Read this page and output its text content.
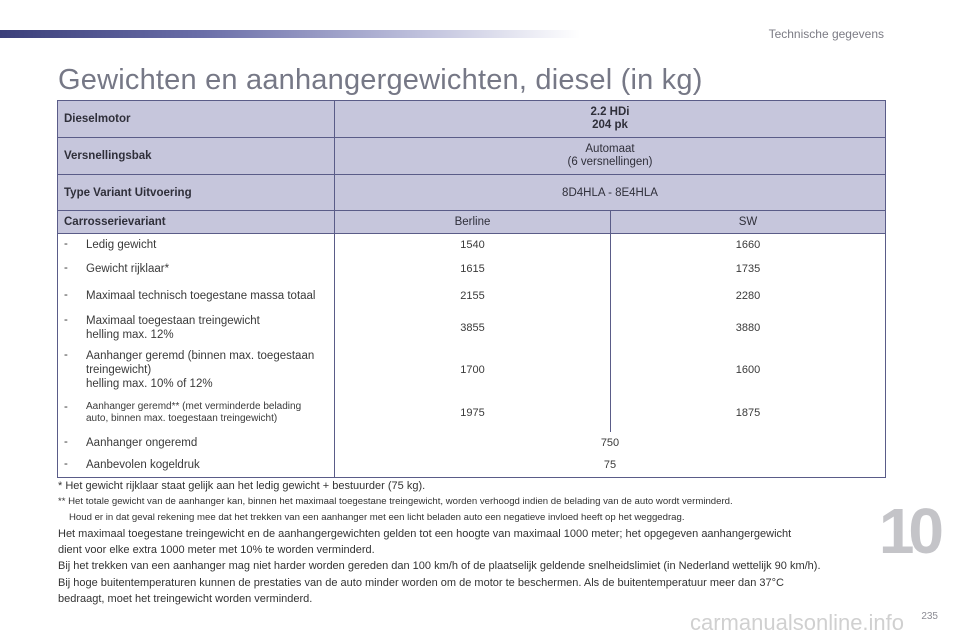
Technische gegevens
Gewichten en aanhangergewichten, diesel (in kg)
Dieselmotor	2.2 HDi
204 pk	
Versnellingsbak	Automaat
(6 versnellingen)	
Type Variant Uitvoering	8D4HLA - 8E4HLA	
Carrosserievariant	Berline	SW

- Ledig gewicht	1540	1660

- Gewicht rijklaar*	1615	1735

- Maximaal technisch toegestane massa totaal	2155	2280

- Maximaal toegestaan treingewicht
helling max. 12%	3855	3880

- Aanhanger geremd (binnen max. toegestaan
treingewicht)
helling max. 10% of 12%	1700	1600

- Aanhanger geremd** (met verminderde belading
auto, binnen max. toegestaan treingewicht)	1975	1875

- Aanhanger ongeremd	750	

- Aanbevolen kogeldruk	75	
* Het gewicht rijklaar staat gelijk aan het ledig gewicht + bestuurder (75 kg).
** Het totale gewicht van de aanhanger kan, binnen het maximaal toegestane treingewicht, worden verhoogd indien de belading van de auto wordt verminderd.
Houd er in dat geval rekening mee dat het trekken van een aanhanger met een licht beladen auto een negatieve invloed heeft op het weggedrag.
Het maximaal toegestane treingewicht en de aanhangergewichten gelden tot een hoogte van maximaal 1000 meter; het opgegeven aanhangergewicht
dient voor elke extra 1000 meter met 10% te worden verminderd.
Bij het trekken van een aanhanger mag niet harder worden gereden dan 100 km/h of de plaatselijk geldende snelheidslimiet (in Nederland wettelijk 90 km/h).
Bij hoge buitentemperaturen kunnen de prestaties van de auto minder worden om de motor te beschermen. Als de buitentemperatuur meer dan 37°C
bedraagt, moet het treingewicht worden verminderd.
10
carmanualsonline.info 235
